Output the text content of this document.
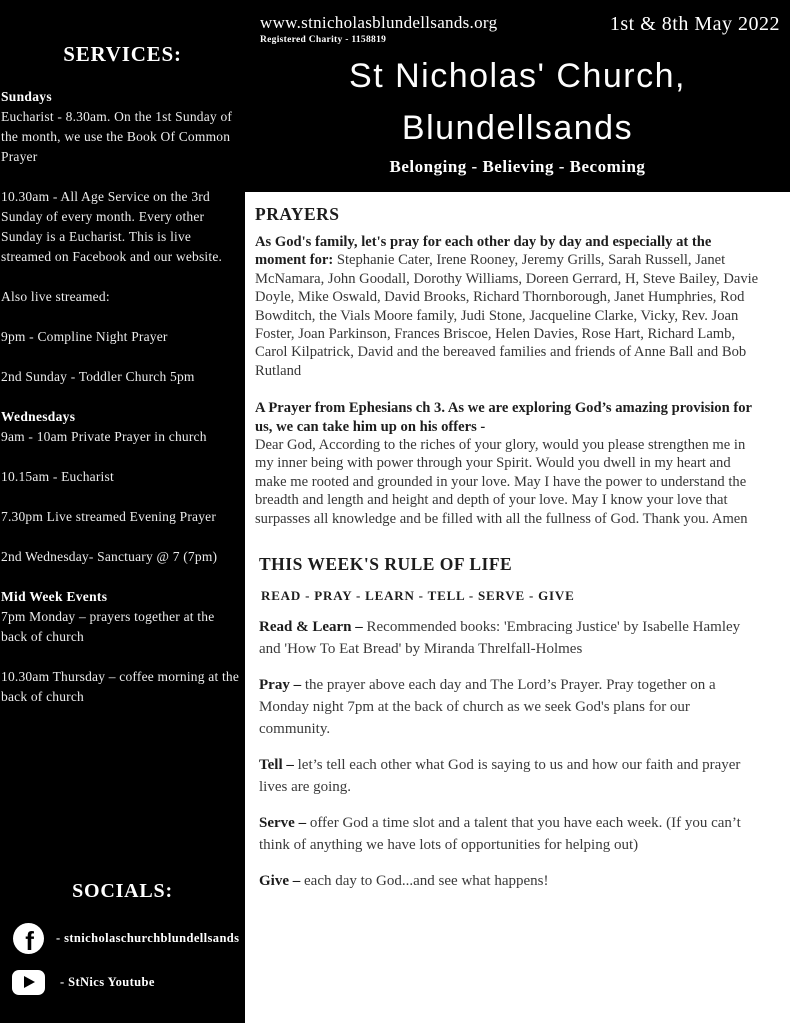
SERVICES:

Sundays

Eucharist - 8.30am. On the 1st Sunday of the month, we use the Book Of Common Prayer

10.30am - All Age Service on the 3rd Sunday of every month. Every other Sunday is a Eucharist. This is live streamed on Facebook and our website.

Also live streamed:

9pm - Compline Night Prayer

2nd Sunday - Toddler Church 5pm

Wednesdays

9am - 10am Private Prayer in church

10.15am - Eucharist

7.30pm Live streamed Evening Prayer

2nd Wednesday- Sanctuary @ 7 (7pm)

Mid Week Events

7pm Monday – prayers together at the back of church

10.30am Thursday – coffee morning at the back of church

SOCIALS:
f - stnicholaschurchblundellsands
- StNics Youtube
www.stnicholasblundellsands.org
Registered Charity - 1158819
1st & 8th May 2022
St Nicholas' Church,
Blundellsands
Belonging - Believing - Becoming
PRAYERS

As God's family, let's pray for each other day by day and especially at the moment for: Stephanie Cater, Irene Rooney, Jeremy Grills, Sarah Russell, Janet McNamara, John Goodall, Dorothy Williams, Doreen Gerrard, H, Steve Bailey, Davie Doyle, Mike Oswald, David Brooks, Richard Thornborough, Janet Humphries, Rod Bowditch, the Vials Moore family, Judi Stone, Jacqueline Clarke, Vicky, Rev. Joan Foster, Joan Parkinson, Frances Briscoe, Helen Davies, Rose Hart, Richard Lamb, Carol Kilpatrick, David and the bereaved families and friends of Anne Ball and Bob Rutland

A Prayer from Ephesians ch 3. As we are exploring God’s amazing provision for us, we can take him up on his offers -

Dear God, According to the riches of your glory, would you please strengthen me in my inner being with power through your Spirit. Would you dwell in my heart and make me rooted and grounded in your love. May I have the power to understand the breadth and length and height and depth of your love. May I know your love that surpasses all knowledge and be filled with all the fullness of God. Thank you. Amen

THIS WEEK'S RULE OF LIFE

READ - PRAY - LEARN - TELL - SERVE - GIVE

Read & Learn – Recommended books: 'Embracing Justice' by Isabelle Hamley and 'How To Eat Bread' by Miranda Threlfall-Holmes

Pray – the prayer above each day and The Lord’s Prayer. Pray together on a Monday night 7pm at the back of church as we seek God's plans for our community.

Tell – let’s tell each other what God is saying to us and how our faith and prayer lives are going.

Serve – offer God a time slot and a talent that you have each week. (If you can’t think of anything we have lots of opportunities for helping out)

Give – each day to God...and see what happens!
